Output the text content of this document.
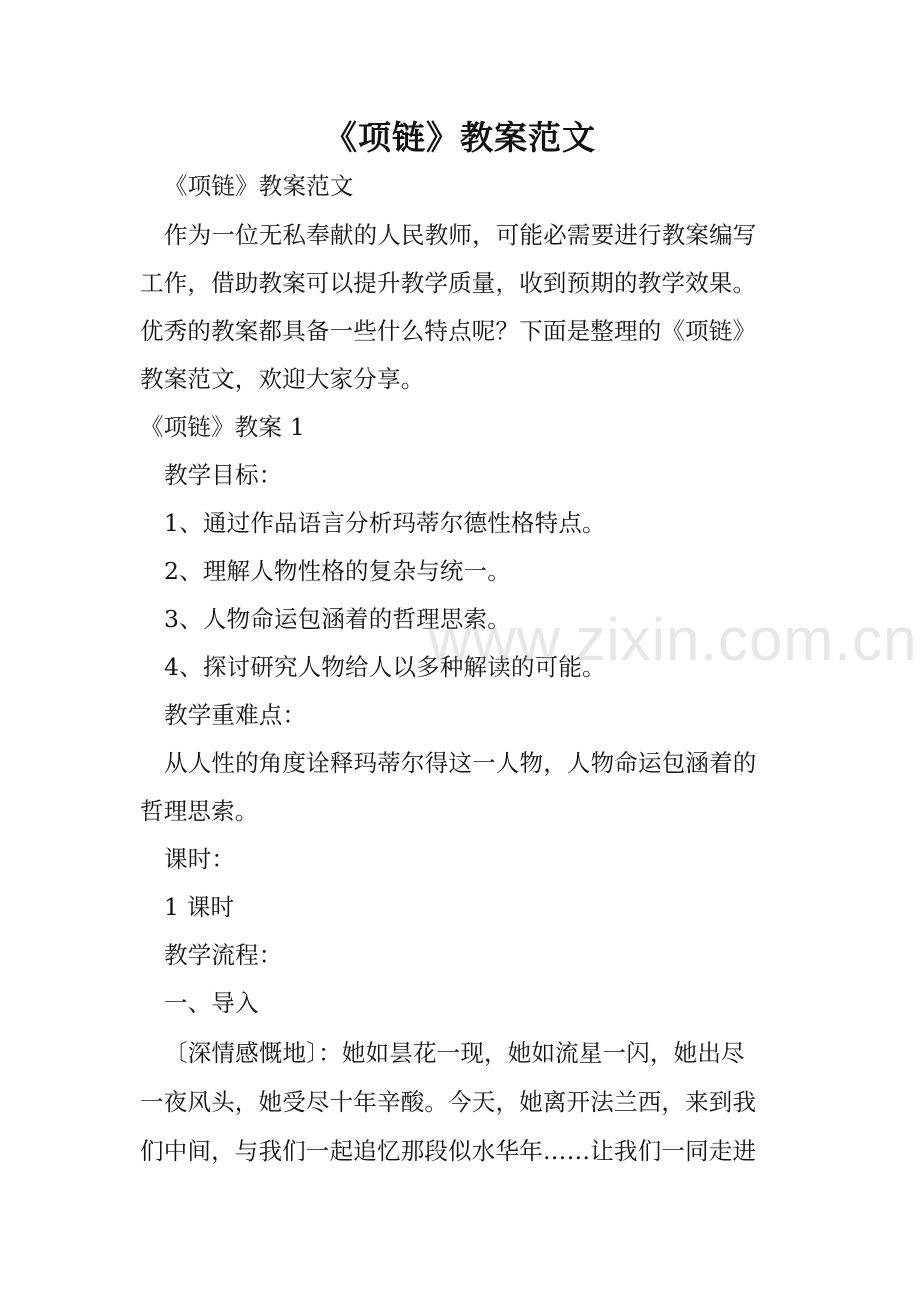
《项链》教案范文
《项链》教案范文
作为一位无私奉献的人民教师，可能必需要进行教案编写
工作，借助教案可以提升教学质量，收到预期的教学效果。
优秀的教案都具备一些什么特点呢？下面是整理的《项链》
教案范文，欢迎大家分享。
《项链》教案 1
教学目标：
1、通过作品语言分析玛蒂尔德性格特点。
2、理解人物性格的复杂与统一。
3、人物命运包涵着的哲理思索。
4、探讨研究人物给人以多种解读的可能。
教学重难点：
从人性的角度诠释玛蒂尔得这一人物，人物命运包涵着的
哲理思索。
课时：
1 课时
教学流程：
一、导入
〔深情感慨地〕：她如昙花一现，她如流星一闪，她出尽
一夜风头，她受尽十年辛酸。今天，她离开法兰西，来到我
们中间，与我们一起追忆那段似水华年……让我们一同走进
www.zixin.com.cn
